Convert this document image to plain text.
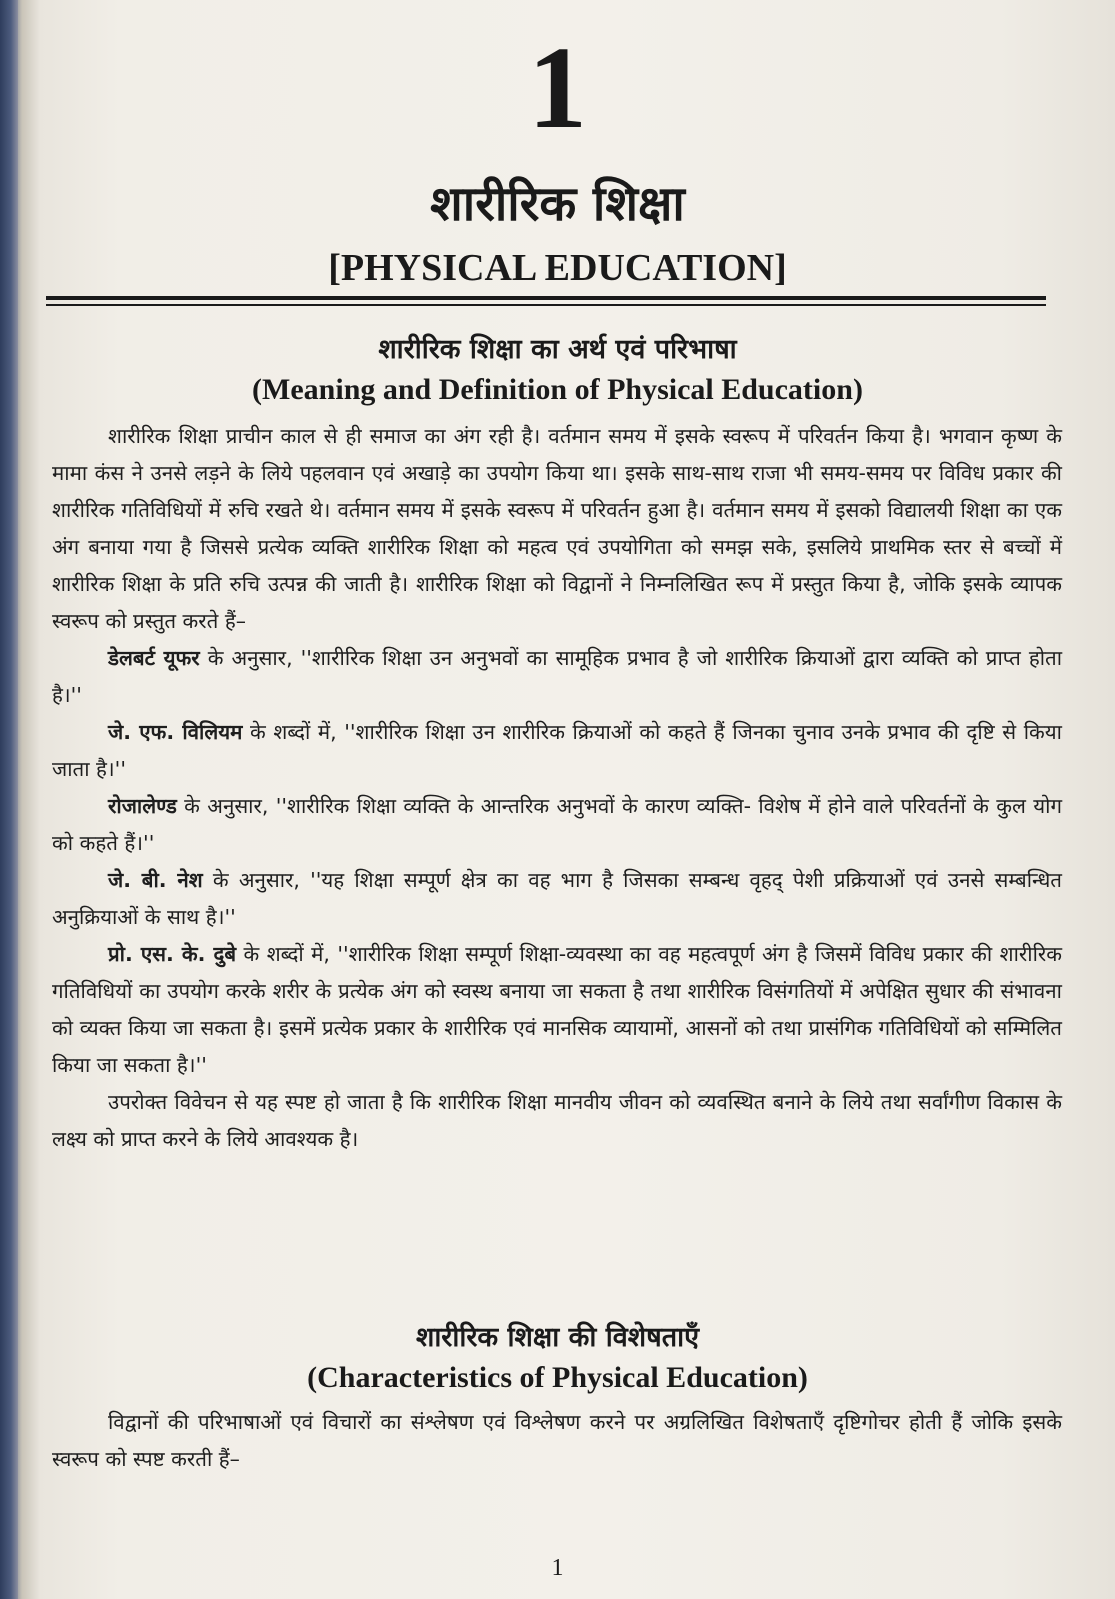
1
शारीरिक शिक्षा
[PHYSICAL EDUCATION]
शारीरिक शिक्षा का अर्थ एवं परिभाषा
(Meaning and Definition of Physical Education)

शारीरिक शिक्षा प्राचीन काल से ही समाज का अंग रही है। वर्तमान समय में इसके स्वरूप में परिवर्तन किया है। भगवान कृष्ण के मामा कंस ने उनसे लड़ने के लिये पहलवान एवं अखाड़े का उपयोग किया था। इसके साथ-साथ राजा भी समय-समय पर विविध प्रकार की शारीरिक गतिविधियों में रुचि रखते थे। वर्तमान समय में इसके स्वरूप में परिवर्तन हुआ है। वर्तमान समय में इसको विद्यालयी शिक्षा का एक अंग बनाया गया है जिससे प्रत्येक व्यक्ति शारीरिक शिक्षा को महत्व एवं उपयोगिता को समझ सके, इसलिये प्राथमिक स्तर से बच्चों में शारीरिक शिक्षा के प्रति रुचि उत्पन्न की जाती है। शारीरिक शिक्षा को विद्वानों ने निम्नलिखित रूप में प्रस्तुत किया है, जोकि इसके व्यापक स्वरूप को प्रस्तुत करते हैं–

डेलबर्ट यूफर के अनुसार, ''शारीरिक शिक्षा उन अनुभवों का सामूहिक प्रभाव है जो शारीरिक क्रियाओं द्वारा व्यक्ति को प्राप्त होता है।''

जे. एफ. विलियम के शब्दों में, ''शारीरिक शिक्षा उन शारीरिक क्रियाओं को कहते हैं जिनका चुनाव उनके प्रभाव की दृष्टि से किया जाता है।''

रोजालेण्ड के अनुसार, ''शारीरिक शिक्षा व्यक्ति के आन्तरिक अनुभवों के कारण व्यक्ति- विशेष में होने वाले परिवर्तनों के कुल योग को कहते हैं।''

जे. बी. नेश के अनुसार, ''यह शिक्षा सम्पूर्ण क्षेत्र का वह भाग है जिसका सम्बन्ध वृहद् पेशी प्रक्रियाओं एवं उनसे सम्बन्धित अनुक्रियाओं के साथ है।''

प्रो. एस. के. दुबे के शब्दों में, ''शारीरिक शिक्षा सम्पूर्ण शिक्षा-व्यवस्था का वह महत्वपूर्ण अंग है जिसमें विविध प्रकार की शारीरिक गतिविधियों का उपयोग करके शरीर के प्रत्येक अंग को स्वस्थ बनाया जा सकता है तथा शारीरिक विसंगतियों में अपेक्षित सुधार की संभावना को व्यक्त किया जा सकता है। इसमें प्रत्येक प्रकार के शारीरिक एवं मानसिक व्यायामों, आसनों को तथा प्रासंगिक गतिविधियों को सम्मिलित किया जा सकता है।''

उपरोक्त विवेचन से यह स्पष्ट हो जाता है कि शारीरिक शिक्षा मानवीय जीवन को व्यवस्थित बनाने के लिये तथा सर्वांगीण विकास के लक्ष्य को प्राप्त करने के लिये आवश्यक है।

शारीरिक शिक्षा की विशेषताएँ
(Characteristics of Physical Education)

विद्वानों की परिभाषाओं एवं विचारों का संश्लेषण एवं विश्लेषण करने पर अग्रलिखित विशेषताएँ दृष्टिगोचर होती हैं जोकि इसके स्वरूप को स्पष्ट करती हैं–

1
